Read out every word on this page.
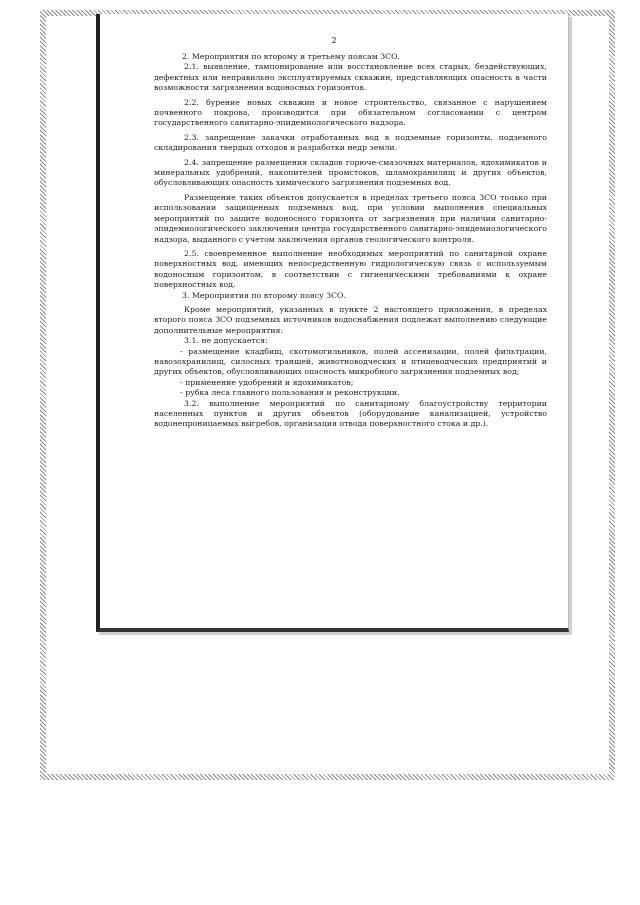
2

2. Мероприятия по второму и третьему поясам ЗСО.

2.1. выявление, тампонирование или восстановление всех старых, бездействующих, дефектных или неправильно эксплуатируемых скважин, представляющих опасность в части возможности загрязнения водоносных горизонтов.

2.2. бурение новых скважин и новое строительство, связанное с нарушением почвенного покрова, производится при обязательном согласовании с центром государственного санитарно-эпидемиологического надзора.

2.3. запрещение закачки отработанных вод в подземные горизонты, подземного складирования твердых отходов и разработки недр земли.

2.4. запрещение размещения складов горюче-смазочных материалов, ядохимикатов и минеральных удобрений, накопителей промстоков, шламохранилищ и других объектов, обусловливающих опасность химического загрязнения подземных вод.

Размещение таких объектов допускается в пределах третьего пояса ЗСО только при использовании защищенных подземных вод, при условии выполнения специальных мероприятий по защите водоносного горизонта от загрязнения при наличии санитарно-эпидемиологического заключения центра государственного санитарно-эпидемиологического надзора, выданного с учетом заключения органов геологического контроля.

2.5. своевременное выполнение необходимых мероприятий по санитарной охране поверхностных вод, имеющих непосредственную гидрологическую связь с используемым водоносным горизонтом, в соответствии с гигиеническими требованиями к охране поверхностных вод.

3. Мероприятия по второму поясу ЗСО.

Кроме мероприятий, указанных в пункте 2 настоящего приложения, в пределах второго пояса ЗСО подземных источников водоснабжения подлежат выполнению следующие дополнительные мероприятия:

3.1. не допускается:

- размещение кладбищ, скотомогильников, полей ассенизации, полей фильтрации, навозохранилищ, силосных траншей, животноводческих и птицеводческих предприятий и других объектов, обусловливающих опасность микробного загрязнения подземных вод;

- применение удобрений и ядохимикатов;

- рубка леса главного пользования и реконструкции.

3.2. выполнение мероприятий по санитарному благоустройству территории населенных пунктов и других объектов (оборудование канализацией, устройство водонепроницаемых выгребов, организация отвода поверхностного стока и др.).
